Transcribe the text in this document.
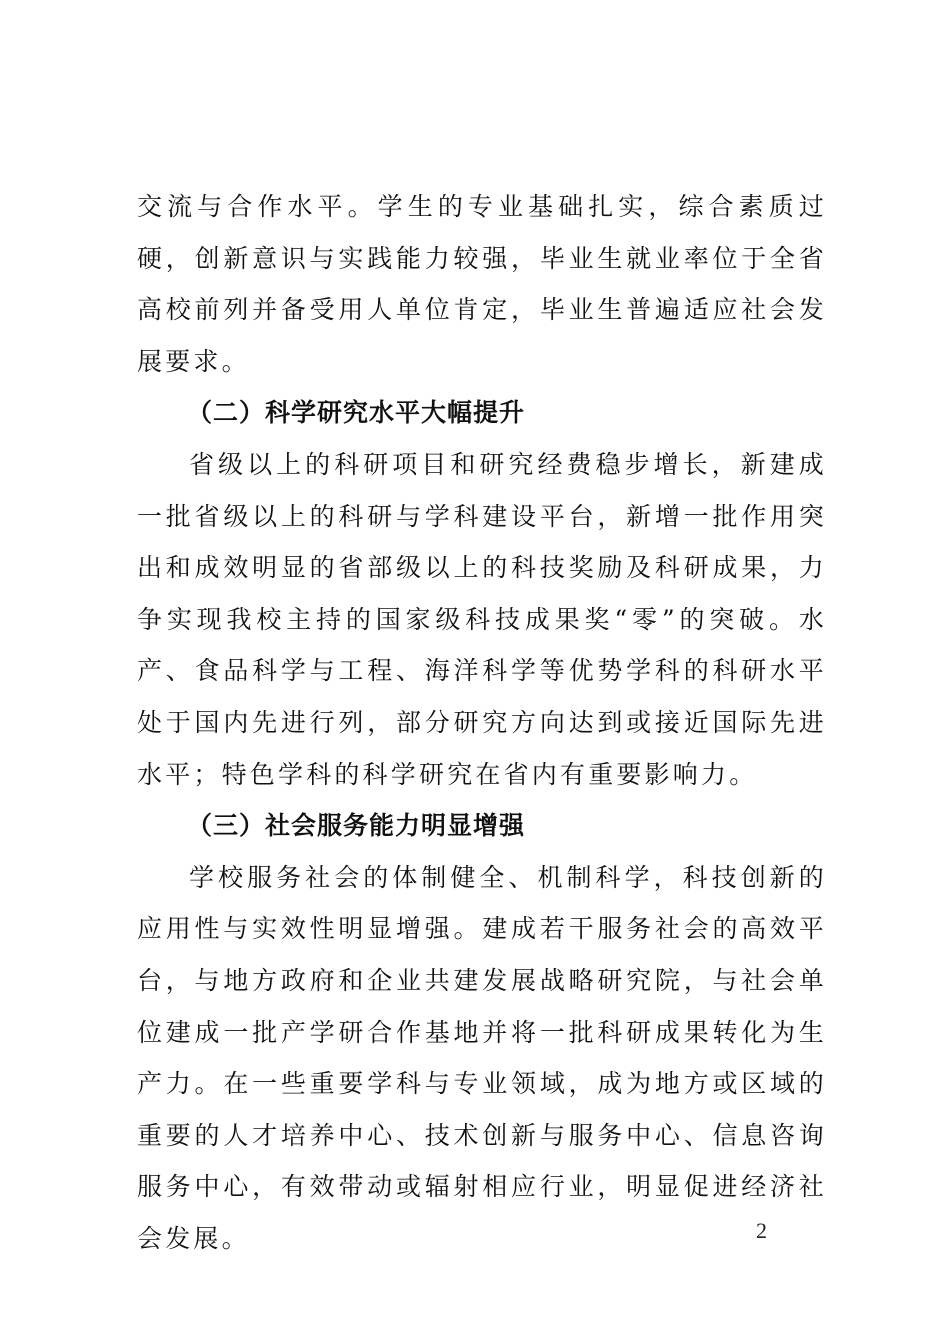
交流与合作水平。学生的专业基础扎实，综合素质过硬，创新意识与实践能力较强，毕业生就业率位于全省高校前列并备受用人单位肯定，毕业生普遍适应社会发展要求。

（二）科学研究水平大幅提升

省级以上的科研项目和研究经费稳步增长，新建成一批省级以上的科研与学科建设平台，新增一批作用突出和成效明显的省部级以上的科技奖励及科研成果，力争实现我校主持的国家级科技成果奖“零”的突破。水产、食品科学与工程、海洋科学等优势学科的科研水平处于国内先进行列，部分研究方向达到或接近国际先进水平；特色学科的科学研究在省内有重要影响力。

（三）社会服务能力明显增强

学校服务社会的体制健全、机制科学，科技创新的应用性与实效性明显增强。建成若干服务社会的高效平台，与地方政府和企业共建发展战略研究院，与社会单位建成一批产学研合作基地并将一批科研成果转化为生产力。在一些重要学科与专业领域，成为地方或区域的重要的人才培养中心、技术创新与服务中心、信息咨询服务中心，有效带动或辐射相应行业，明显促进经济社会发展。	2
